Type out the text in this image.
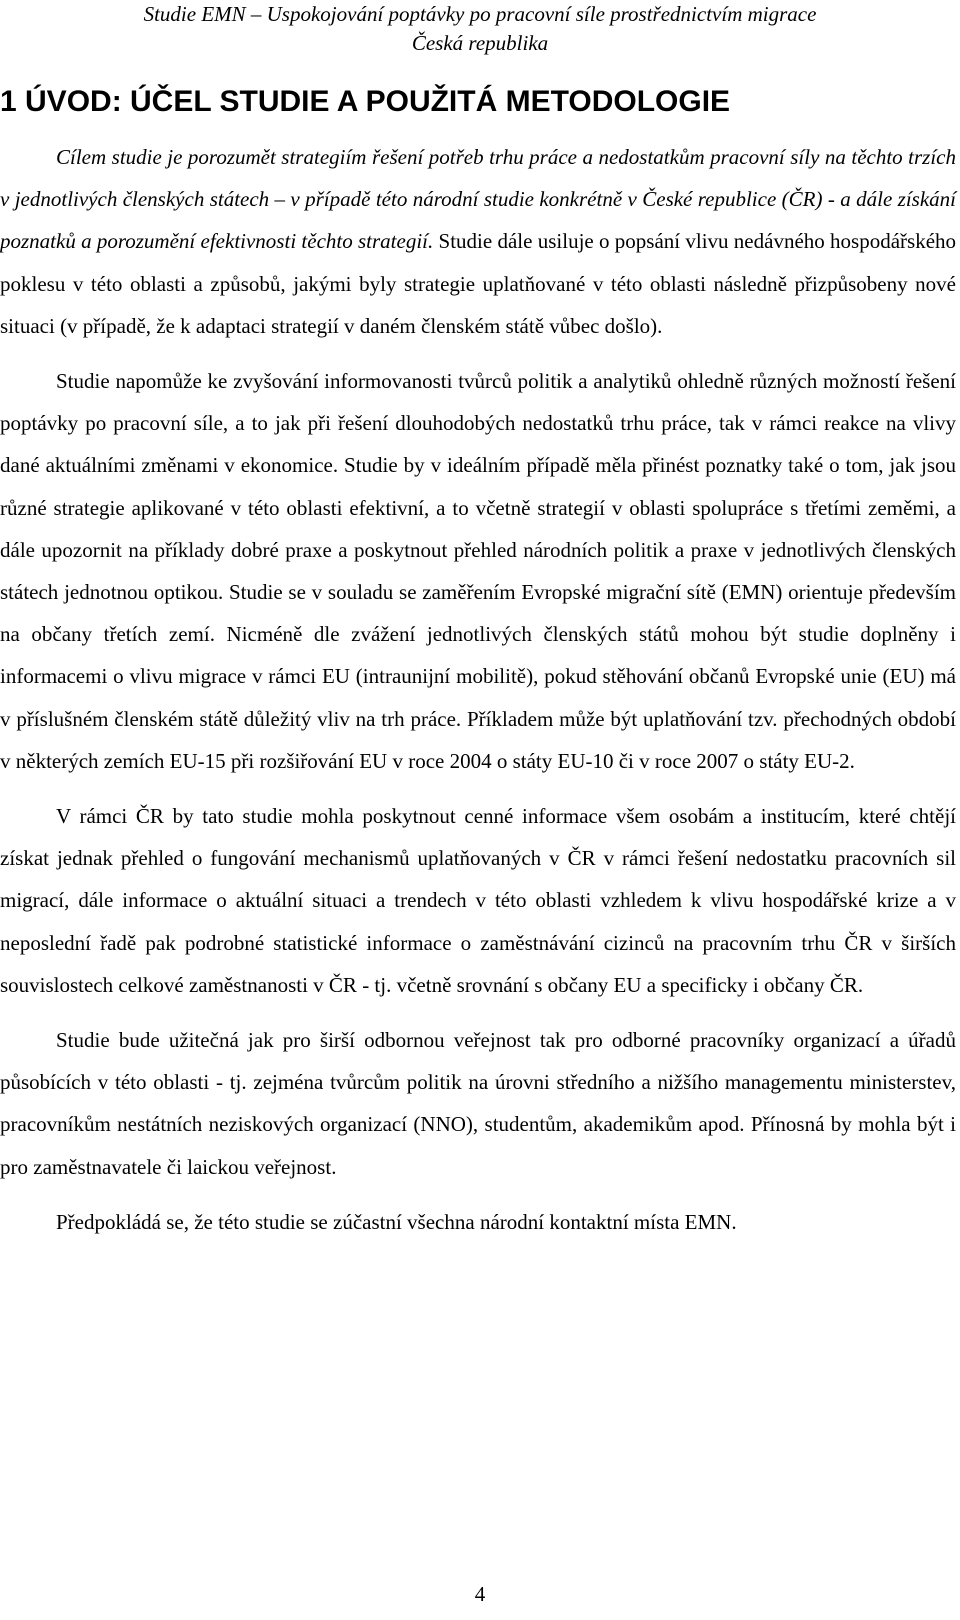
Studie EMN – Uspokojování poptávky po pracovní síle prostřednictvím migrace
Česká republika
1 ÚVOD: ÚČEL STUDIE A POUŽITÁ METODOLOGIE

Cílem studie je porozumět strategiím řešení potřeb trhu práce a nedostatkům pracovní síly na těchto trzích v jednotlivých členských státech – v případě této národní studie konkrétně v České republice (ČR) - a dále získání poznatků a porozumění efektivnosti těchto strategií. Studie dále usiluje o popsání vlivu nedávného hospodářského poklesu v této oblasti a způsobů, jakými byly strategie uplatňované v této oblasti následně přizpůsobeny nové situaci (v případě, že k adaptaci strategií v daném členském státě vůbec došlo).

Studie napomůže ke zvyšování informovanosti tvůrců politik a analytiků ohledně různých možností řešení poptávky po pracovní síle, a to jak při řešení dlouhodobých nedostatků trhu práce, tak v rámci reakce na vlivy dané aktuálními změnami v ekonomice. Studie by v ideálním případě měla přinést poznatky také o tom, jak jsou různé strategie aplikované v této oblasti efektivní, a to včetně strategií v oblasti spolupráce s třetími zeměmi, a dále upozornit na příklady dobré praxe a poskytnout přehled národních politik a praxe v jednotlivých členských státech jednotnou optikou. Studie se v souladu se zaměřením Evropské migrační sítě (EMN) orientuje především na občany třetích zemí. Nicméně dle zvážení jednotlivých členských států mohou být studie doplněny i informacemi o vlivu migrace v rámci EU (intraunijní mobilitě), pokud stěhování občanů Evropské unie (EU) má v příslušném členském státě důležitý vliv na trh práce. Příkladem může být uplatňování tzv. přechodných období v některých zemích EU-15 při rozšiřování EU v roce 2004 o státy EU-10 či v roce 2007 o státy EU-2.

V rámci ČR by tato studie mohla poskytnout cenné informace všem osobám a institucím, které chtějí získat jednak přehled o fungování mechanismů uplatňovaných v ČR v rámci řešení nedostatku pracovních sil migrací, dále informace o aktuální situaci a trendech v této oblasti vzhledem k vlivu hospodářské krize a v neposlední řadě pak podrobné statistické informace o zaměstnávání cizinců na pracovním trhu ČR v širších souvislostech celkové zaměstnanosti v ČR - tj. včetně srovnání s občany EU a specificky i občany ČR.

Studie bude užitečná jak pro širší odbornou veřejnost tak pro odborné pracovníky organizací a úřadů působících v této oblasti - tj. zejména tvůrcům politik na úrovni středního a nižšího managementu ministerstev, pracovníkům nestátních neziskových organizací (NNO), studentům, akademikům apod. Přínosná by mohla být i pro zaměstnavatele či laickou veřejnost.

Předpokládá se, že této studie se zúčastní všechna národní kontaktní místa EMN.

4
